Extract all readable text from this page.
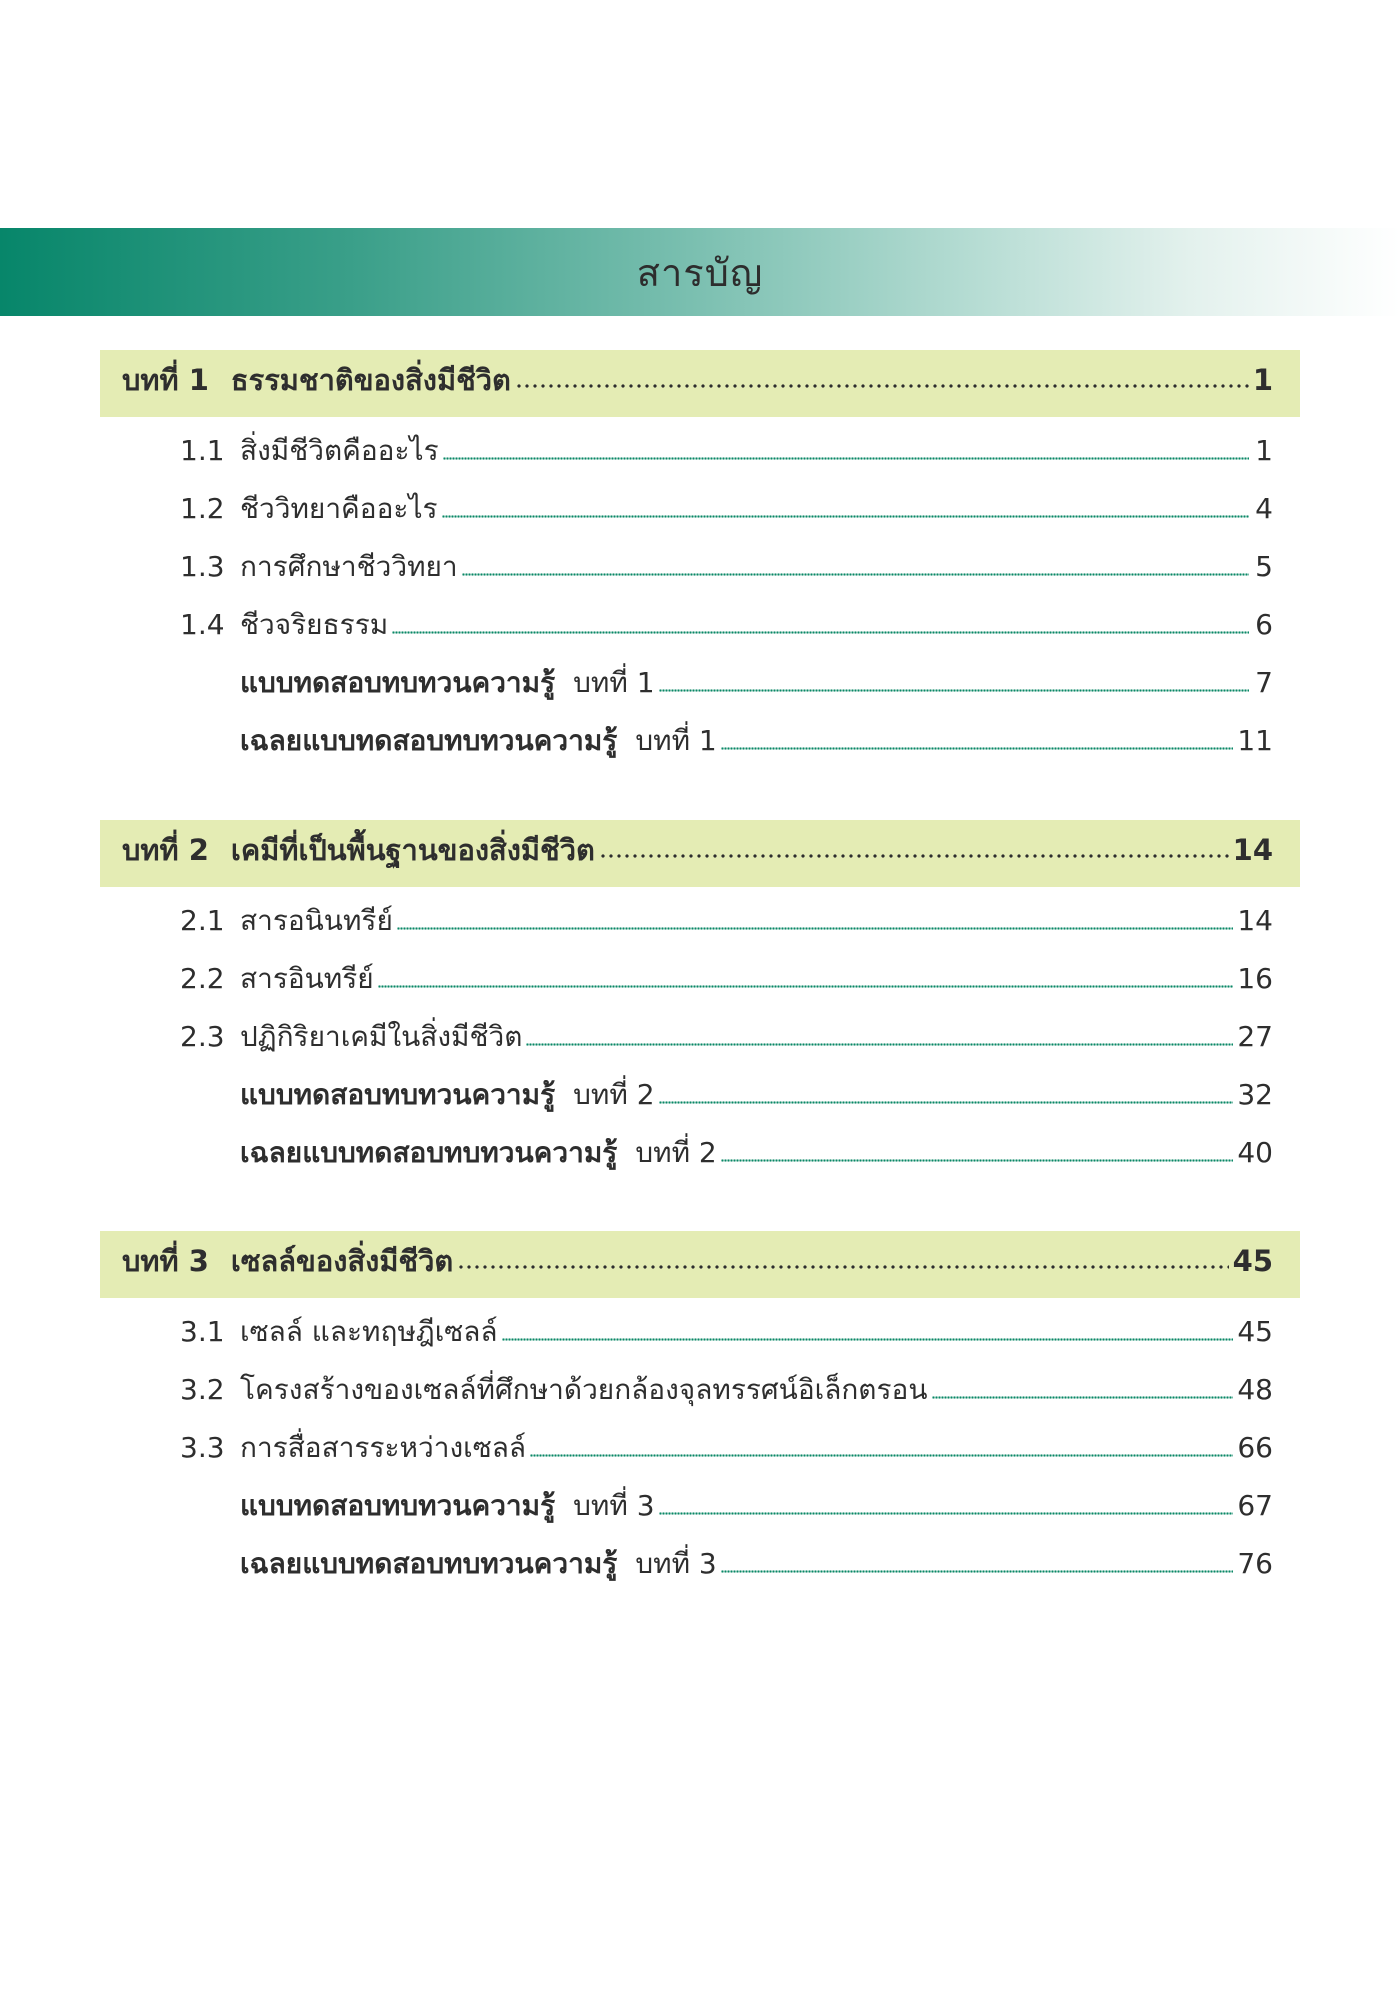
สารบัญ
บทที่ 1 ธรรมชาติของสิ่งมีชีวิต	1
1.1 สิ่งมีชีวิตคืออะไร	1
1.2 ชีววิทยาคืออะไร	4
1.3 การศึกษาชีววิทยา	5
1.4 ชีวจริยธรรม	6
แบบทดสอบทบทวนความรู้ บทที่ 1	7
เฉลยแบบทดสอบทบทวนความรู้ บทที่ 1	11
บทที่ 2 เคมีที่เป็นพื้นฐานของสิ่งมีชีวิต	14
2.1 สารอนินทรีย์	14
2.2 สารอินทรีย์	16
2.3 ปฏิกิริยาเคมีในสิ่งมีชีวิต	27
แบบทดสอบทบทวนความรู้ บทที่ 2	32
เฉลยแบบทดสอบทบทวนความรู้ บทที่ 2	40
บทที่ 3 เซลล์ของสิ่งมีชีวิต	45
3.1 เซลล์ และทฤษฎีเซลล์	45
3.2 โครงสร้างของเซลล์ที่ศึกษาด้วยกล้องจุลทรรศน์อิเล็กตรอน	48
3.3 การสื่อสารระหว่างเซลล์	66
แบบทดสอบทบทวนความรู้ บทที่ 3	67
เฉลยแบบทดสอบทบทวนความรู้ บทที่ 3	76
